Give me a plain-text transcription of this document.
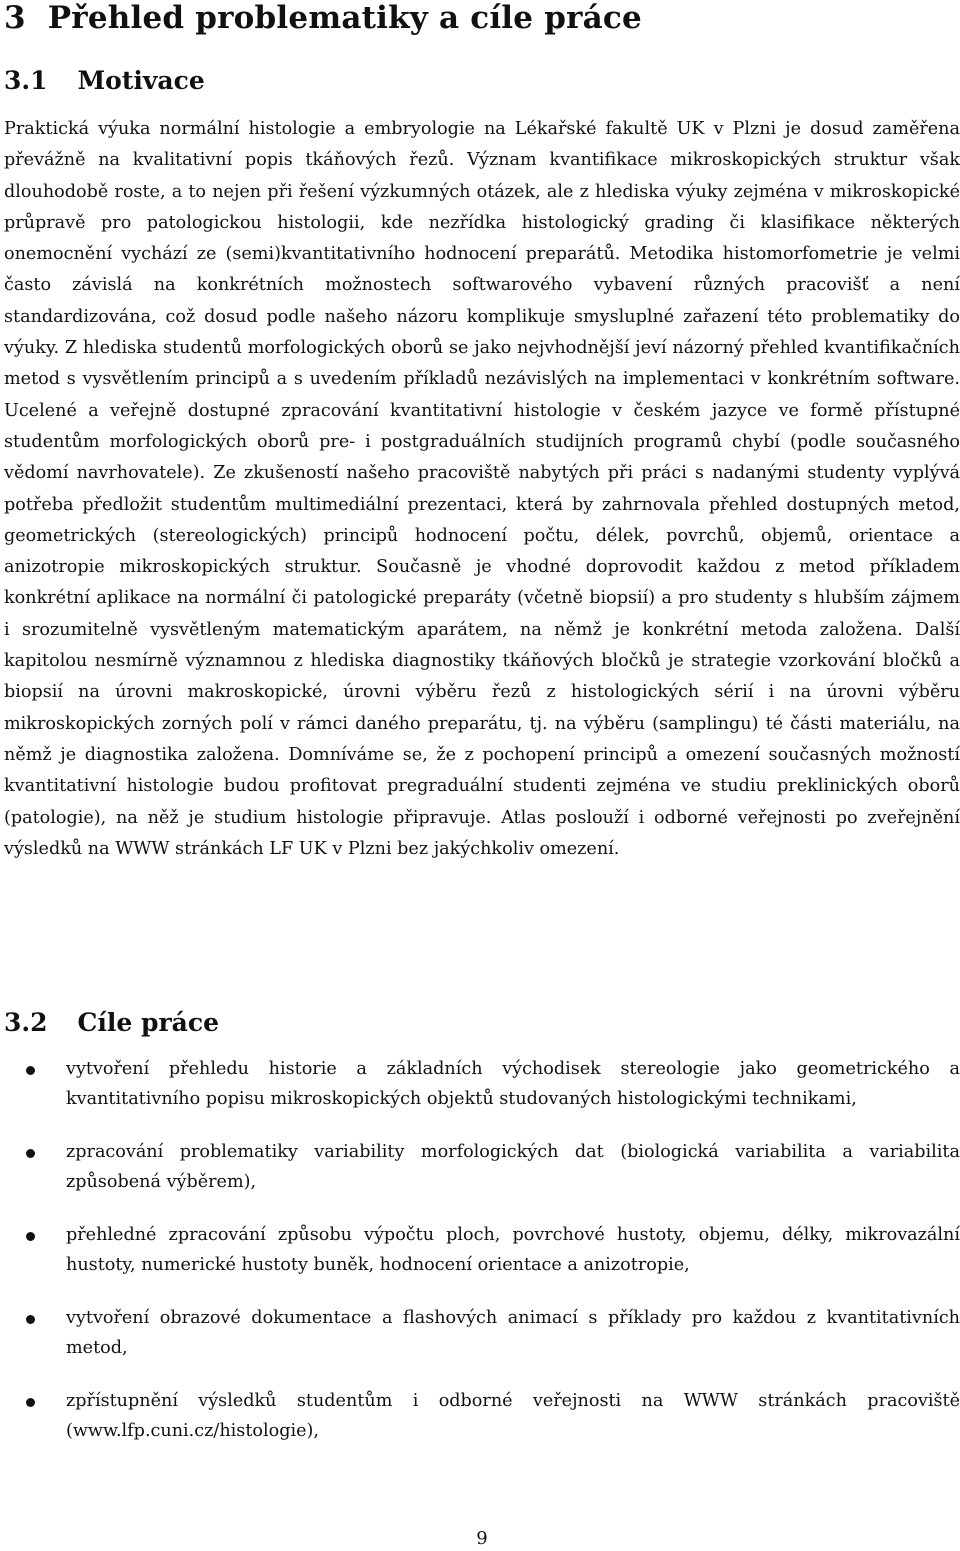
3 Přehled problematiky a cíle práce
3.1 Motivace

Praktická výuka normální histologie a embryologie na Lékařské fakultě UK v Plzni je dosud zaměřena převážně na kvalitativní popis tkáňových řezů. Význam kvantifikace mikroskopických struktur však dlouhodobě roste, a to nejen při řešení výzkumných otázek, ale z hlediska výuky zejména v mikroskopické průpravě pro patologickou histologii, kde nezřídka histologický grading či klasifikace některých onemocnění vychází ze (semi)kvantitativního hodnocení preparátů. Metodika histomorfometrie je velmi často závislá na konkrétních možnostech softwarového vybavení různých pracovišť a není standardizována, což dosud podle našeho názoru komplikuje smysluplné zařazení této problematiky do výuky. Z hlediska studentů morfologických oborů se jako nejvhodnější jeví názorný přehled kvantifikačních metod s vysvětlením principů a s uvedením příkladů nezávislých na implementaci v konkrétním software. Ucelené a veřejně dostupné zpracování kvantitativní histologie v českém jazyce ve formě přístupné studentům morfologických oborů pre- i postgraduálních studijních programů chybí (podle současného vědomí navrhovatele). Ze zkušeností našeho pracoviště nabytých při práci s nadanými studenty vyplývá potřeba předložit studentům multimediální prezentaci, která by zahrnovala přehled dostupných metod, geometrických (stereologických) principů hodnocení počtu, délek, povrchů, objemů, orientace a anizotropie mikroskopických struktur. Současně je vhodné doprovodit každou z metod příkladem konkrétní aplikace na normální či patologické preparáty (včetně biopsií) a pro studenty s hlubším zájmem i srozumitelně vysvětleným matematickým aparátem, na němž je konkrétní metoda založena. Další kapitolou nesmírně významnou z hlediska diagnostiky tkáňových bločků je strategie vzorkování bločků a biopsií na úrovni makroskopické, úrovni výběru řezů z histologických sérií i na úrovni výběru mikroskopických zorných polí v rámci daného preparátu, tj. na výběru (samplingu) té části materiálu, na němž je diagnostika založena. Domníváme se, že z pochopení principů a omezení současných možností kvantitativní histologie budou profitovat pregraduální studenti zejména ve studiu preklinických oborů (patologie), na něž je studium histologie připravuje. Atlas poslouží i odborné veřejnosti po zveřejnění výsledků na WWW stránkách LF UK v Plzni bez jakýchkoliv omezení.

3.2 Cíle práce
vytvoření přehledu historie a základních východisek stereologie jako geometrického a kvantitativního popisu mikroskopických objektů studovaných histologickými technikami,
zpracování problematiky variability morfologických dat (biologická variabilita a variabilita způsobená výběrem),
přehledné zpracování způsobu výpočtu ploch, povrchové hustoty, objemu, délky, mikrovazální hustoty, numerické hustoty buněk, hodnocení orientace a anizotropie,
vytvoření obrazové dokumentace a flashových animací s příklady pro každou z kvantitativních metod,
zpřístupnění výsledků studentům i odborné veřejnosti na WWW stránkách pracoviště (www.lfp.cuni.cz/histologie),
9
